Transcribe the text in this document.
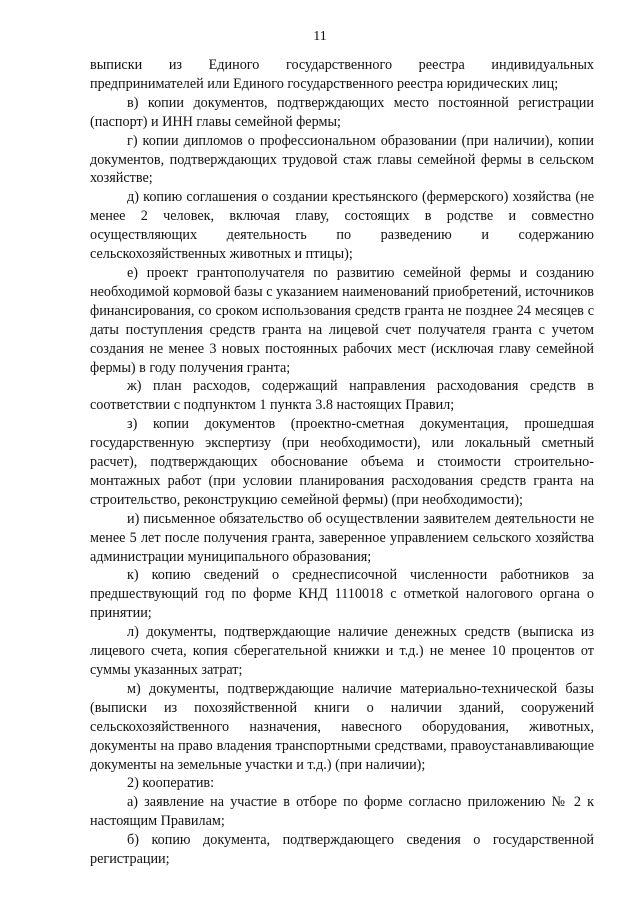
11

выписки из Единого государственного реестра индивидуальных предпринимателей или Единого государственного реестра юридических лиц;

в) копии документов, подтверждающих место постоянной регистрации (паспорт) и ИНН главы семейной фермы;

г) копии дипломов о профессиональном образовании (при наличии), копии документов, подтверждающих трудовой стаж главы семейной фермы в сельском хозяйстве;

д) копию соглашения о создании крестьянского (фермерского) хозяйства (не менее 2 человек, включая главу, состоящих в родстве и совместно осуществляющих деятельность по разведению и содержанию сельскохозяйственных животных и птицы);

е) проект грантополучателя по развитию семейной фермы и созданию необходимой кормовой базы с указанием наименований приобретений, источников финансирования, со сроком использования средств гранта не позднее 24 месяцев с даты поступления средств гранта на лицевой счет получателя гранта с учетом создания не менее 3 новых постоянных рабочих мест (исключая главу семейной фермы) в году получения гранта;

ж) план расходов, содержащий направления расходования средств в соответствии с подпунктом 1 пункта 3.8 настоящих Правил;

з) копии документов (проектно-сметная документация, прошедшая государственную экспертизу (при необходимости), или локальный сметный расчет), подтверждающих обоснование объема и стоимости строительно-монтажных работ (при условии планирования расходования средств гранта на строительство, реконструкцию семейной фермы) (при необходимости);

и) письменное обязательство об осуществлении заявителем деятельности не менее 5 лет после получения гранта, заверенное управлением сельского хозяйства администрации муниципального образования;

к) копию сведений о среднесписочной численности работников за предшествующий год по форме КНД 1110018 с отметкой налогового органа о принятии;

л) документы, подтверждающие наличие денежных средств (выписка из лицевого счета, копия сберегательной книжки и т.д.) не менее 10 процентов от суммы указанных затрат;

м) документы, подтверждающие наличие материально-технической базы (выписки из похозяйственной книги о наличии зданий, сооружений сельскохозяйственного назначения, навесного оборудования, животных, документы на право владения транспортными средствами, правоустанавливающие документы на земельные участки и т.д.) (при наличии);

2) кооператив:

а) заявление на участие в отборе по форме согласно приложению № 2 к настоящим Правилам;

б) копию документа, подтверждающего сведения о государственной регистрации;
